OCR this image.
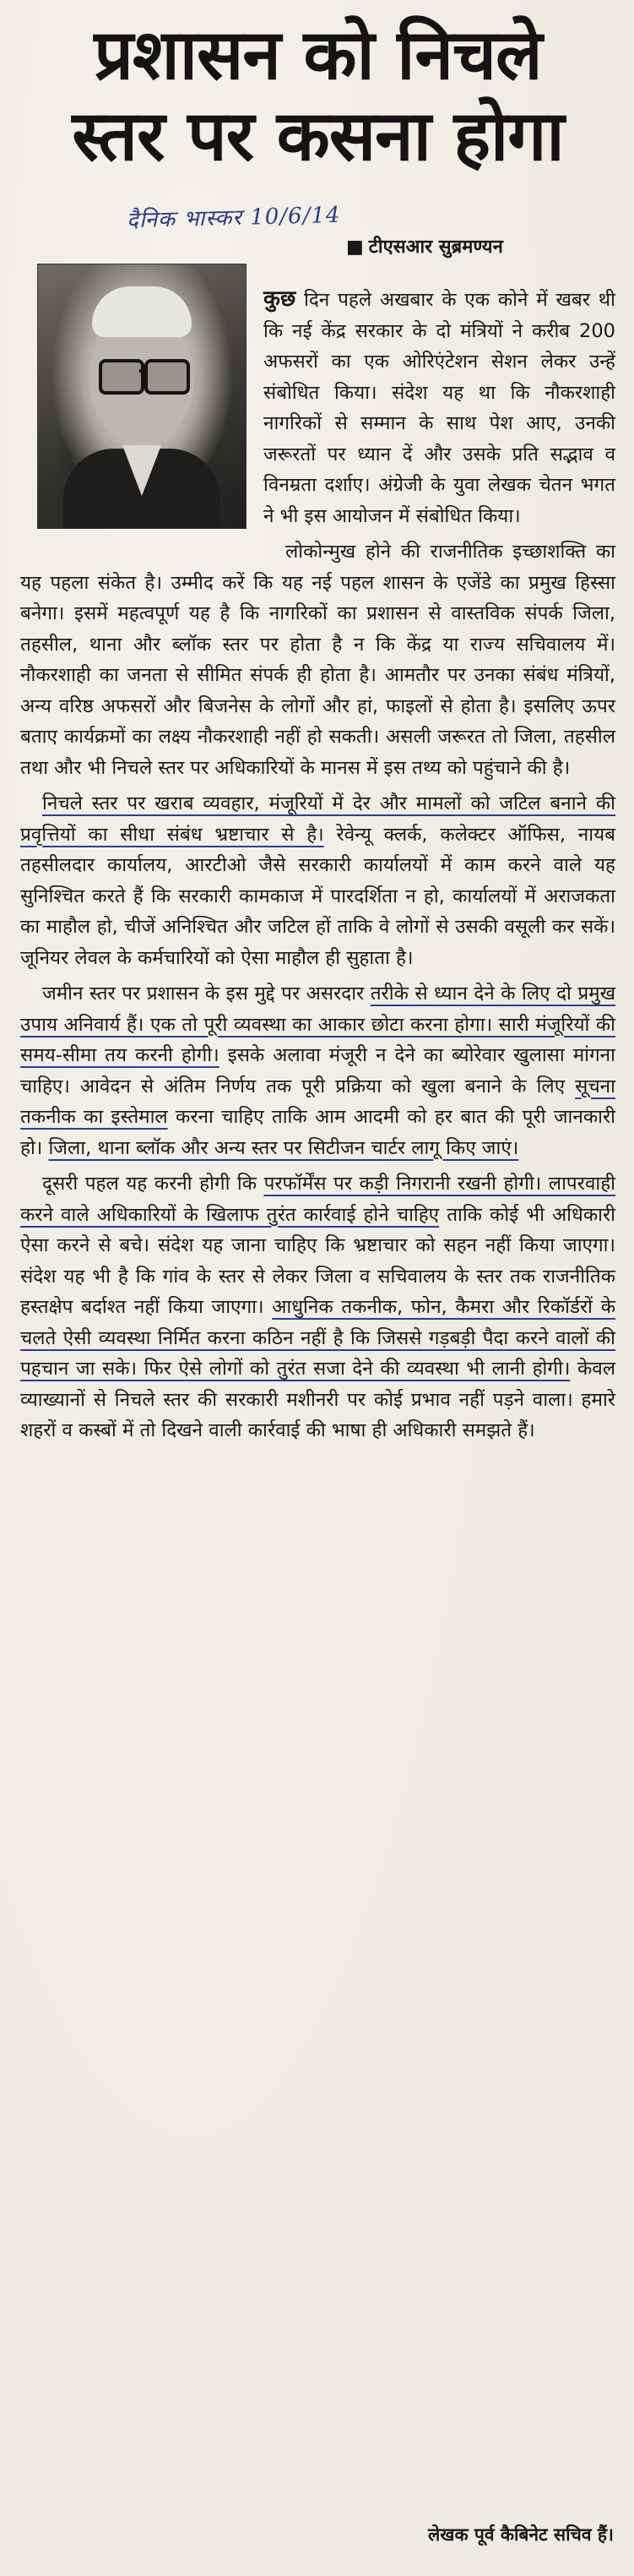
प्रशासन को निचले
स्तर पर कसना होगा
दैनिक भास्कर 10/6/14
■ टीएसआर सुब्रमण्यन

कुछ दिन पहले अखबार के एक कोने में खबर थी कि नई केंद्र सरकार के दो मंत्रियों ने करीब 200 अफसरों का एक ओरिएंटेशन सेशन लेकर उन्हें संबोधित किया। संदेश यह था कि नौकरशाही नागरिकों से सम्मान के साथ पेश आए, उनकी जरूरतों पर ध्यान दें और उसके प्रति सद्भाव व विनम्रता दर्शाए। अंग्रेजी के युवा लेखक चेतन भगत ने भी इस आयोजन में संबोधित किया।

लोकोन्मुख होने की राजनीतिक इच्छाशक्ति का यह पहला संकेत है। उम्मीद करें कि यह नई पहल शासन के एजेंडे का प्रमुख हिस्सा बनेगा। इसमें महत्वपूर्ण यह है कि नागरिकों का प्रशासन से वास्तविक संपर्क जिला, तहसील, थाना और ब्लॉक स्तर पर होता है न कि केंद्र या राज्य सचिवालय में। नौकरशाही का जनता से सीमित संपर्क ही होता है। आमतौर पर उनका संबंध मंत्रियों, अन्य वरिष्ठ अफसरों और बिजनेस के लोगों और हां, फाइलों से होता है। इसलिए ऊपर बताए कार्यक्रमों का लक्ष्य नौकरशाही नहीं हो सकती। असली जरूरत तो जिला, तहसील तथा और भी निचले स्तर पर अधिकारियों के मानस में इस तथ्य को पहुंचाने की है।

निचले स्तर पर खराब व्यवहार, मंजूरियों में देर और मामलों को जटिल बनाने की प्रवृत्तियों का सीधा संबंध भ्रष्टाचार से है। रेवेन्यू क्लर्क, कलेक्टर ऑफिस, नायब तहसीलदार कार्यालय, आरटीओ जैसे सरकारी कार्यालयों में काम करने वाले यह सुनिश्चित करते हैं कि सरकारी कामकाज में पारदर्शिता न हो, कार्यालयों में अराजकता का माहौल हो, चीजें अनिश्चित और जटिल हों ताकि वे लोगों से उसकी वसूली कर सकें। जूनियर लेवल के कर्मचारियों को ऐसा माहौल ही सुहाता है।

जमीन स्तर पर प्रशासन के इस मुद्दे पर असरदार तरीके से ध्यान देने के लिए दो प्रमुख उपाय अनिवार्य हैं। एक तो पूरी व्यवस्था का आकार छोटा करना होगा। सारी मंजूरियों की समय-सीमा तय करनी होगी। इसके अलावा मंजूरी न देने का ब्योरेवार खुलासा मांगना चाहिए। आवेदन से अंतिम निर्णय तक पूरी प्रक्रिया को खुला बनाने के लिए सूचना तकनीक का इस्तेमाल करना चाहिए ताकि आम आदमी को हर बात की पूरी जानकारी हो। जिला, थाना ब्लॉक और अन्य स्तर पर सिटीजन चार्टर लागू किए जाएं।

दूसरी पहल यह करनी होगी कि परफॉर्मेंस पर कड़ी निगरानी रखनी होगी। लापरवाही करने वाले अधिकारियों के खिलाफ तुरंत कार्रवाई होने चाहिए ताकि कोई भी अधिकारी ऐसा करने से बचे। संदेश यह जाना चाहिए कि भ्रष्टाचार को सहन नहीं किया जाएगा। संदेश यह भी है कि गांव के स्तर से लेकर जिला व सचिवालय के स्तर तक राजनीतिक हस्तक्षेप बर्दाश्त नहीं किया जाएगा। आधुनिक तकनीक, फोन, कैमरा और रिकॉर्डरों के चलते ऐसी व्यवस्था निर्मित करना कठिन नहीं है कि जिससे गड़बड़ी पैदा करने वालों की पहचान जा सके। फिर ऐसे लोगों को तुरंत सजा देने की व्यवस्था भी लानी होगी। केवल व्याख्यानों से निचले स्तर की सरकारी मशीनरी पर कोई प्रभाव नहीं पड़ने वाला। हमारे शहरों व कस्बों में तो दिखने वाली कार्रवाई की भाषा ही अधिकारी समझते हैं।

लेखक पूर्व कैबिनेट सचिव हैं।
